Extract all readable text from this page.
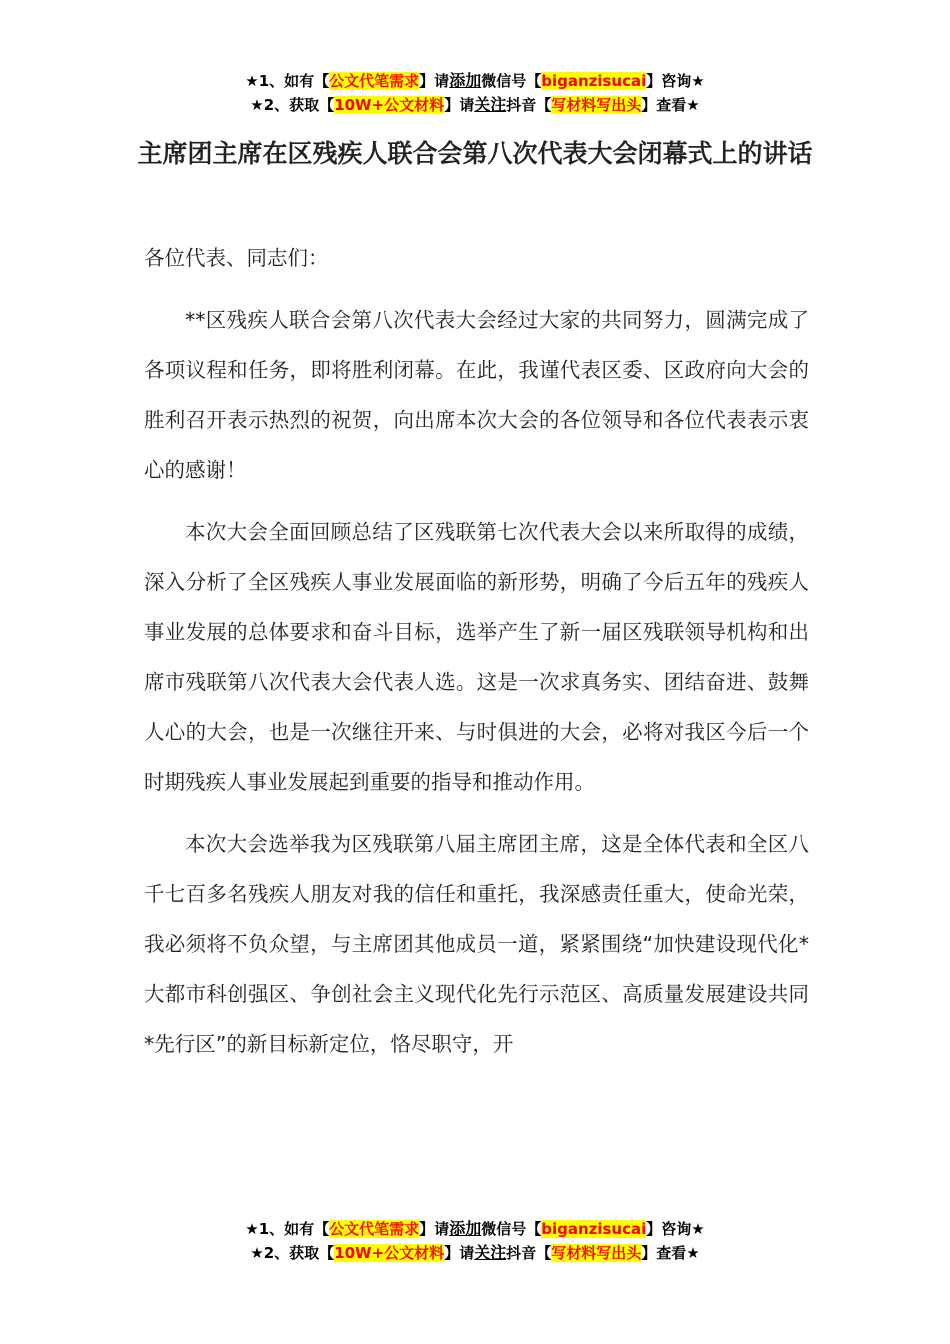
★1、如有【公文代笔需求】请添加微信号【biganzisucai】咨询★
★2、获取【10W+公文材料】请关注抖音【写材料写出头】查看★
主席团主席在区残疾人联合会第八次代表大会闭幕式上的讲话

各位代表、同志们：

**区残疾人联合会第八次代表大会经过大家的共同努力，圆满完成了各项议程和任务，即将胜利闭幕。在此，我谨代表区委、区政府向大会的胜利召开表示热烈的祝贺，向出席本次大会的各位领导和各位代表表示衷心的感谢！

本次大会全面回顾总结了区残联第七次代表大会以来所取得的成绩，深入分析了全区残疾人事业发展面临的新形势，明确了今后五年的残疾人事业发展的总体要求和奋斗目标，选举产生了新一届区残联领导机构和出席市残联第八次代表大会代表人选。这是一次求真务实、团结奋进、鼓舞人心的大会，也是一次继往开来、与时俱进的大会，必将对我区今后一个时期残疾人事业发展起到重要的指导和推动作用。

本次大会选举我为区残联第八届主席团主席，这是全体代表和全区八千七百多名残疾人朋友对我的信任和重托，我深感责任重大，使命光荣，我必须将不负众望，与主席团其他成员一道，紧紧围绕“加快建设现代化*大都市科创强区、争创社会主义现代化先行示范区、高质量发展建设共同*先行区”的新目标新定位，恪尽职守，开

★1、如有【公文代笔需求】请添加微信号【biganzisucai】咨询★
★2、获取【10W+公文材料】请关注抖音【写材料写出头】查看★
